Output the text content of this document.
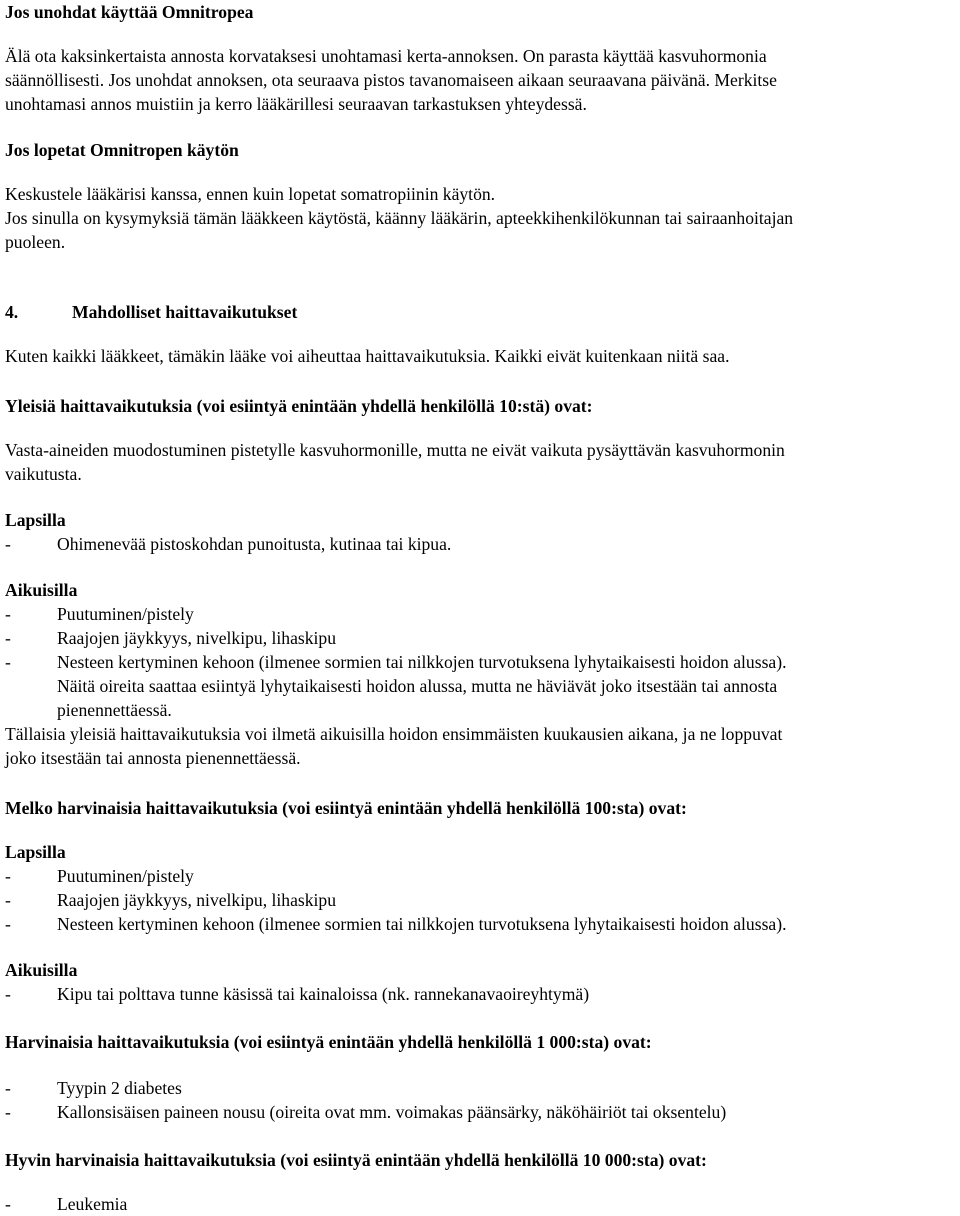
Jos unohdat käyttää Omnitropea
Älä ota kaksinkertaista annosta korvataksesi unohtamasi kerta-annoksen. On parasta käyttää kasvuhormonia
säännöllisesti. Jos unohdat annoksen, ota seuraava pistos tavanomaiseen aikaan seuraavana päivänä. Merkitse
unohtamasi annos muistiin ja kerro lääkärillesi seuraavan tarkastuksen yhteydessä.
Jos lopetat Omnitropen käytön
Keskustele lääkärisi kanssa, ennen kuin lopetat somatropiinin käytön.
Jos sinulla on kysymyksiä tämän lääkkeen käytöstä, käänny lääkärin, apteekkihenkilökunnan tai sairaanhoitajan
puoleen.
4.	Mahdolliset haittavaikutukset
Kuten kaikki lääkkeet, tämäkin lääke voi aiheuttaa haittavaikutuksia. Kaikki eivät kuitenkaan niitä saa.
Yleisiä haittavaikutuksia (voi esiintyä enintään yhdellä henkilöllä 10:stä) ovat:
Vasta-aineiden muodostuminen pistetylle kasvuhormonille, mutta ne eivät vaikuta pysäyttävän kasvuhormonin
vaikutusta.
Lapsilla
-	Ohimenevää pistoskohdan punoitusta, kutinaa tai kipua.
Aikuisilla
-	Puutuminen/pistely
-	Raajojen jäykkyys, nivelkipu, lihaskipu
-	Nesteen kertyminen kehoon (ilmenee sormien tai nilkkojen turvotuksena lyhytaikaisesti hoidon alussa).
Näitä oireita saattaa esiintyä lyhytaikaisesti hoidon alussa, mutta ne häviävät joko itsestään tai annosta
pienennettäessä.
Tällaisia yleisiä haittavaikutuksia voi ilmetä aikuisilla hoidon ensimmäisten kuukausien aikana, ja ne loppuvat
joko itsestään tai annosta pienennettäessä.
Melko harvinaisia haittavaikutuksia (voi esiintyä enintään yhdellä henkilöllä 100:sta) ovat:
Lapsilla
-	Puutuminen/pistely
-	Raajojen jäykkyys, nivelkipu, lihaskipu
-	Nesteen kertyminen kehoon (ilmenee sormien tai nilkkojen turvotuksena lyhytaikaisesti hoidon alussa).
Aikuisilla
-	Kipu tai polttava tunne käsissä tai kainaloissa (nk. rannekanavaoireyhtymä)
Harvinaisia haittavaikutuksia (voi esiintyä enintään yhdellä henkilöllä 1 000:sta) ovat:
-	Tyypin 2 diabetes
-	Kallonsisäisen paineen nousu (oireita ovat mm. voimakas päänsärky, näköhäiriöt tai oksentelu)
Hyvin harvinaisia haittavaikutuksia (voi esiintyä enintään yhdellä henkilöllä 10 000:sta) ovat:
-	Leukemia
